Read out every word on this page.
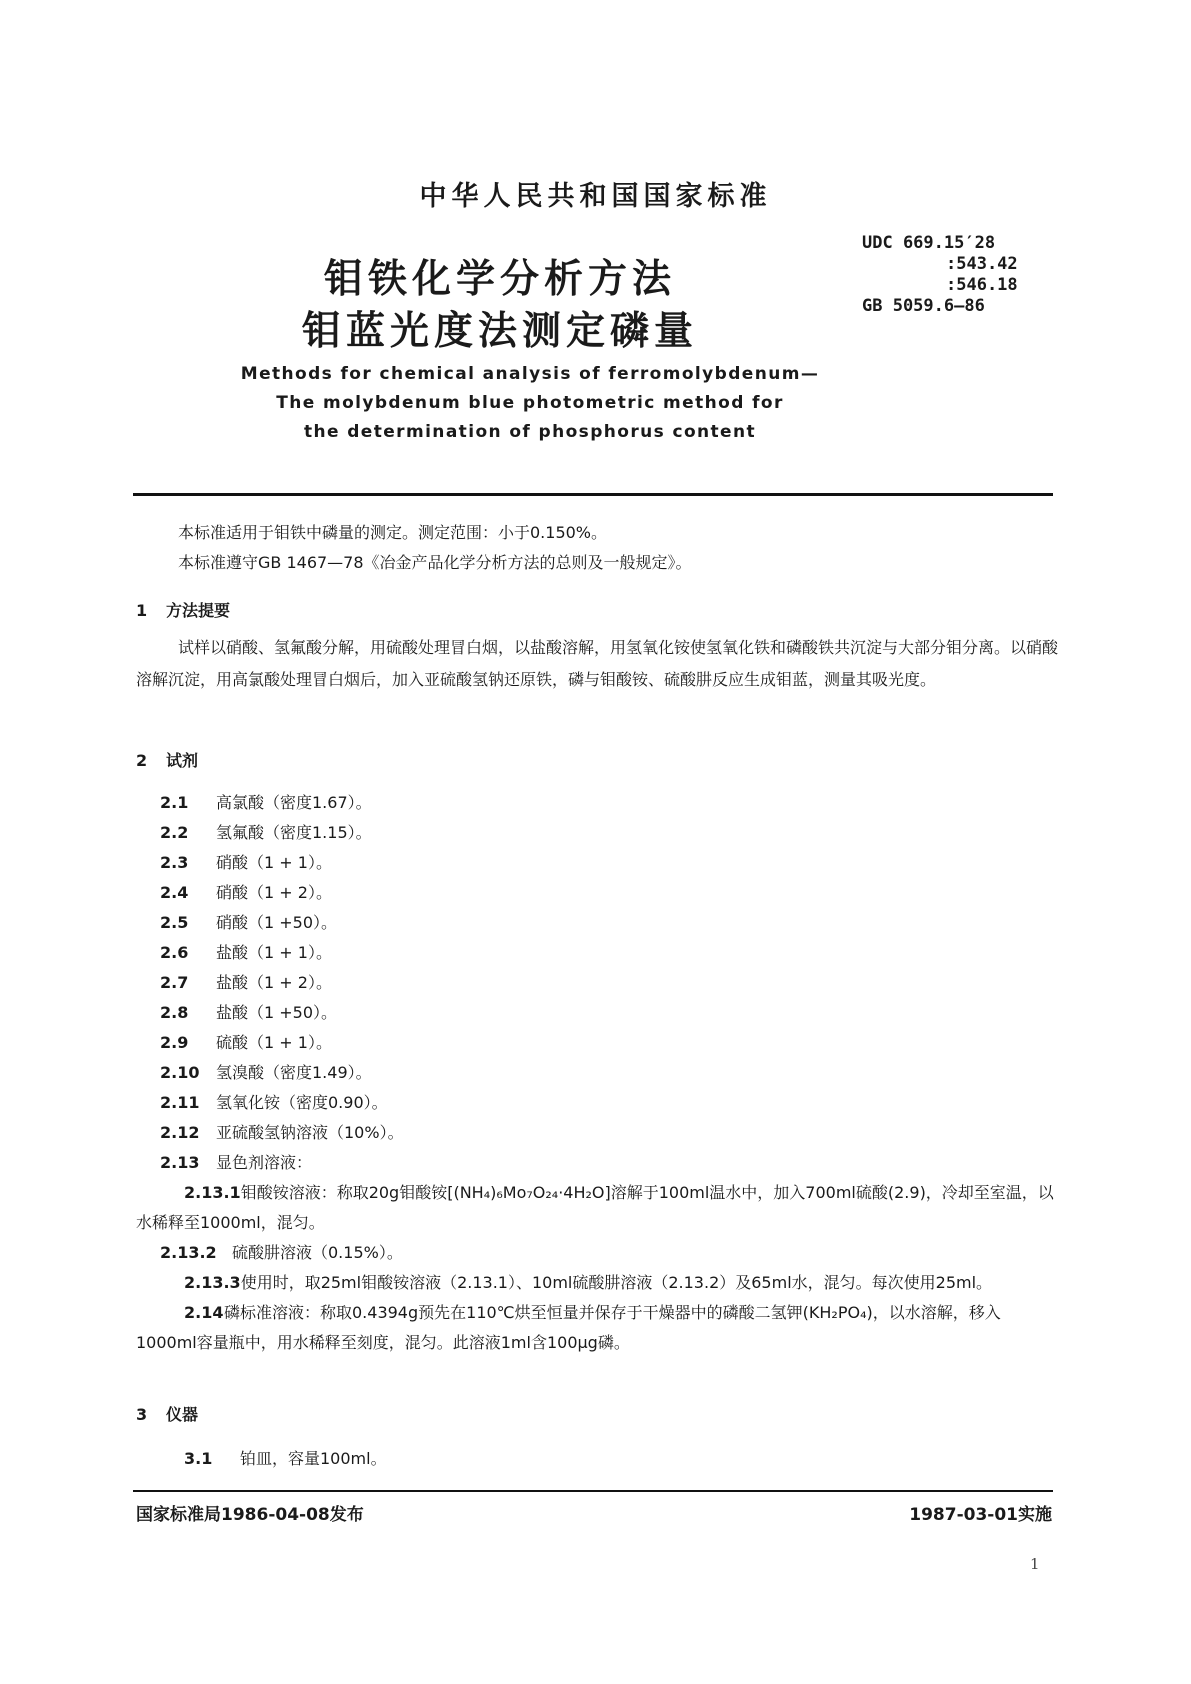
中华人民共和国国家标准
钼铁化学分析方法
钼蓝光度法测定磷量
UDC 669.15′28
:543.42
:546.18
GB 5059.6—86
Methods for chemical analysis of ferromolybdenum—
The molybdenum blue photometric method for
the determination of phosphorus content
本标准适用于钼铁中磷量的测定。测定范围：小于0.150%。
本标准遵守GB 1467—78《冶金产品化学分析方法的总则及一般规定》。
1 方法提要
试样以硝酸、氢氟酸分解，用硫酸处理冒白烟，以盐酸溶解，用氢氧化铵使氢氧化铁和磷酸铁共沉淀与大部分钼分离。以硝酸溶解沉淀，用高氯酸处理冒白烟后，加入亚硫酸氢钠还原铁，磷与钼酸铵、硫酸肼反应生成钼蓝，测量其吸光度。
2 试剂
2.1 高氯酸（密度1.67）。
2.2 氢氟酸（密度1.15）。
2.3 硝酸（1 + 1）。
2.4 硝酸（1 + 2）。
2.5 硝酸（1 +50）。
2.6 盐酸（1 + 1）。
2.7 盐酸（1 + 2）。
2.8 盐酸（1 +50）。
2.9 硫酸（1 + 1）。
2.10 氢溴酸（密度1.49）。
2.11 氢氧化铵（密度0.90）。
2.12 亚硫酸氢钠溶液（10%）。
2.13 显色剂溶液：
2.13.1钼酸铵溶液：称取20g钼酸铵[(NH₄)₆Mo₇O₂₄·4H₂O]溶解于100ml温水中，加入700ml硫酸(2.9)，冷却至室温，以水稀释至1000ml，混匀。
2.13.2 硫酸肼溶液（0.15%）。
2.13.3使用时，取25ml钼酸铵溶液（2.13.1）、10ml硫酸肼溶液（2.13.2）及65ml水，混匀。每次使用25ml。
2.14磷标准溶液：称取0.4394g预先在110℃烘至恒量并保存于干燥器中的磷酸二氢钾(KH₂PO₄)，以水溶解，移入1000ml容量瓶中，用水稀释至刻度，混匀。此溶液1ml含100μg磷。
3 仪器
3.1 铂皿，容量100ml。
国家标准局1986-04-08发布	1987-03-01实施
1
